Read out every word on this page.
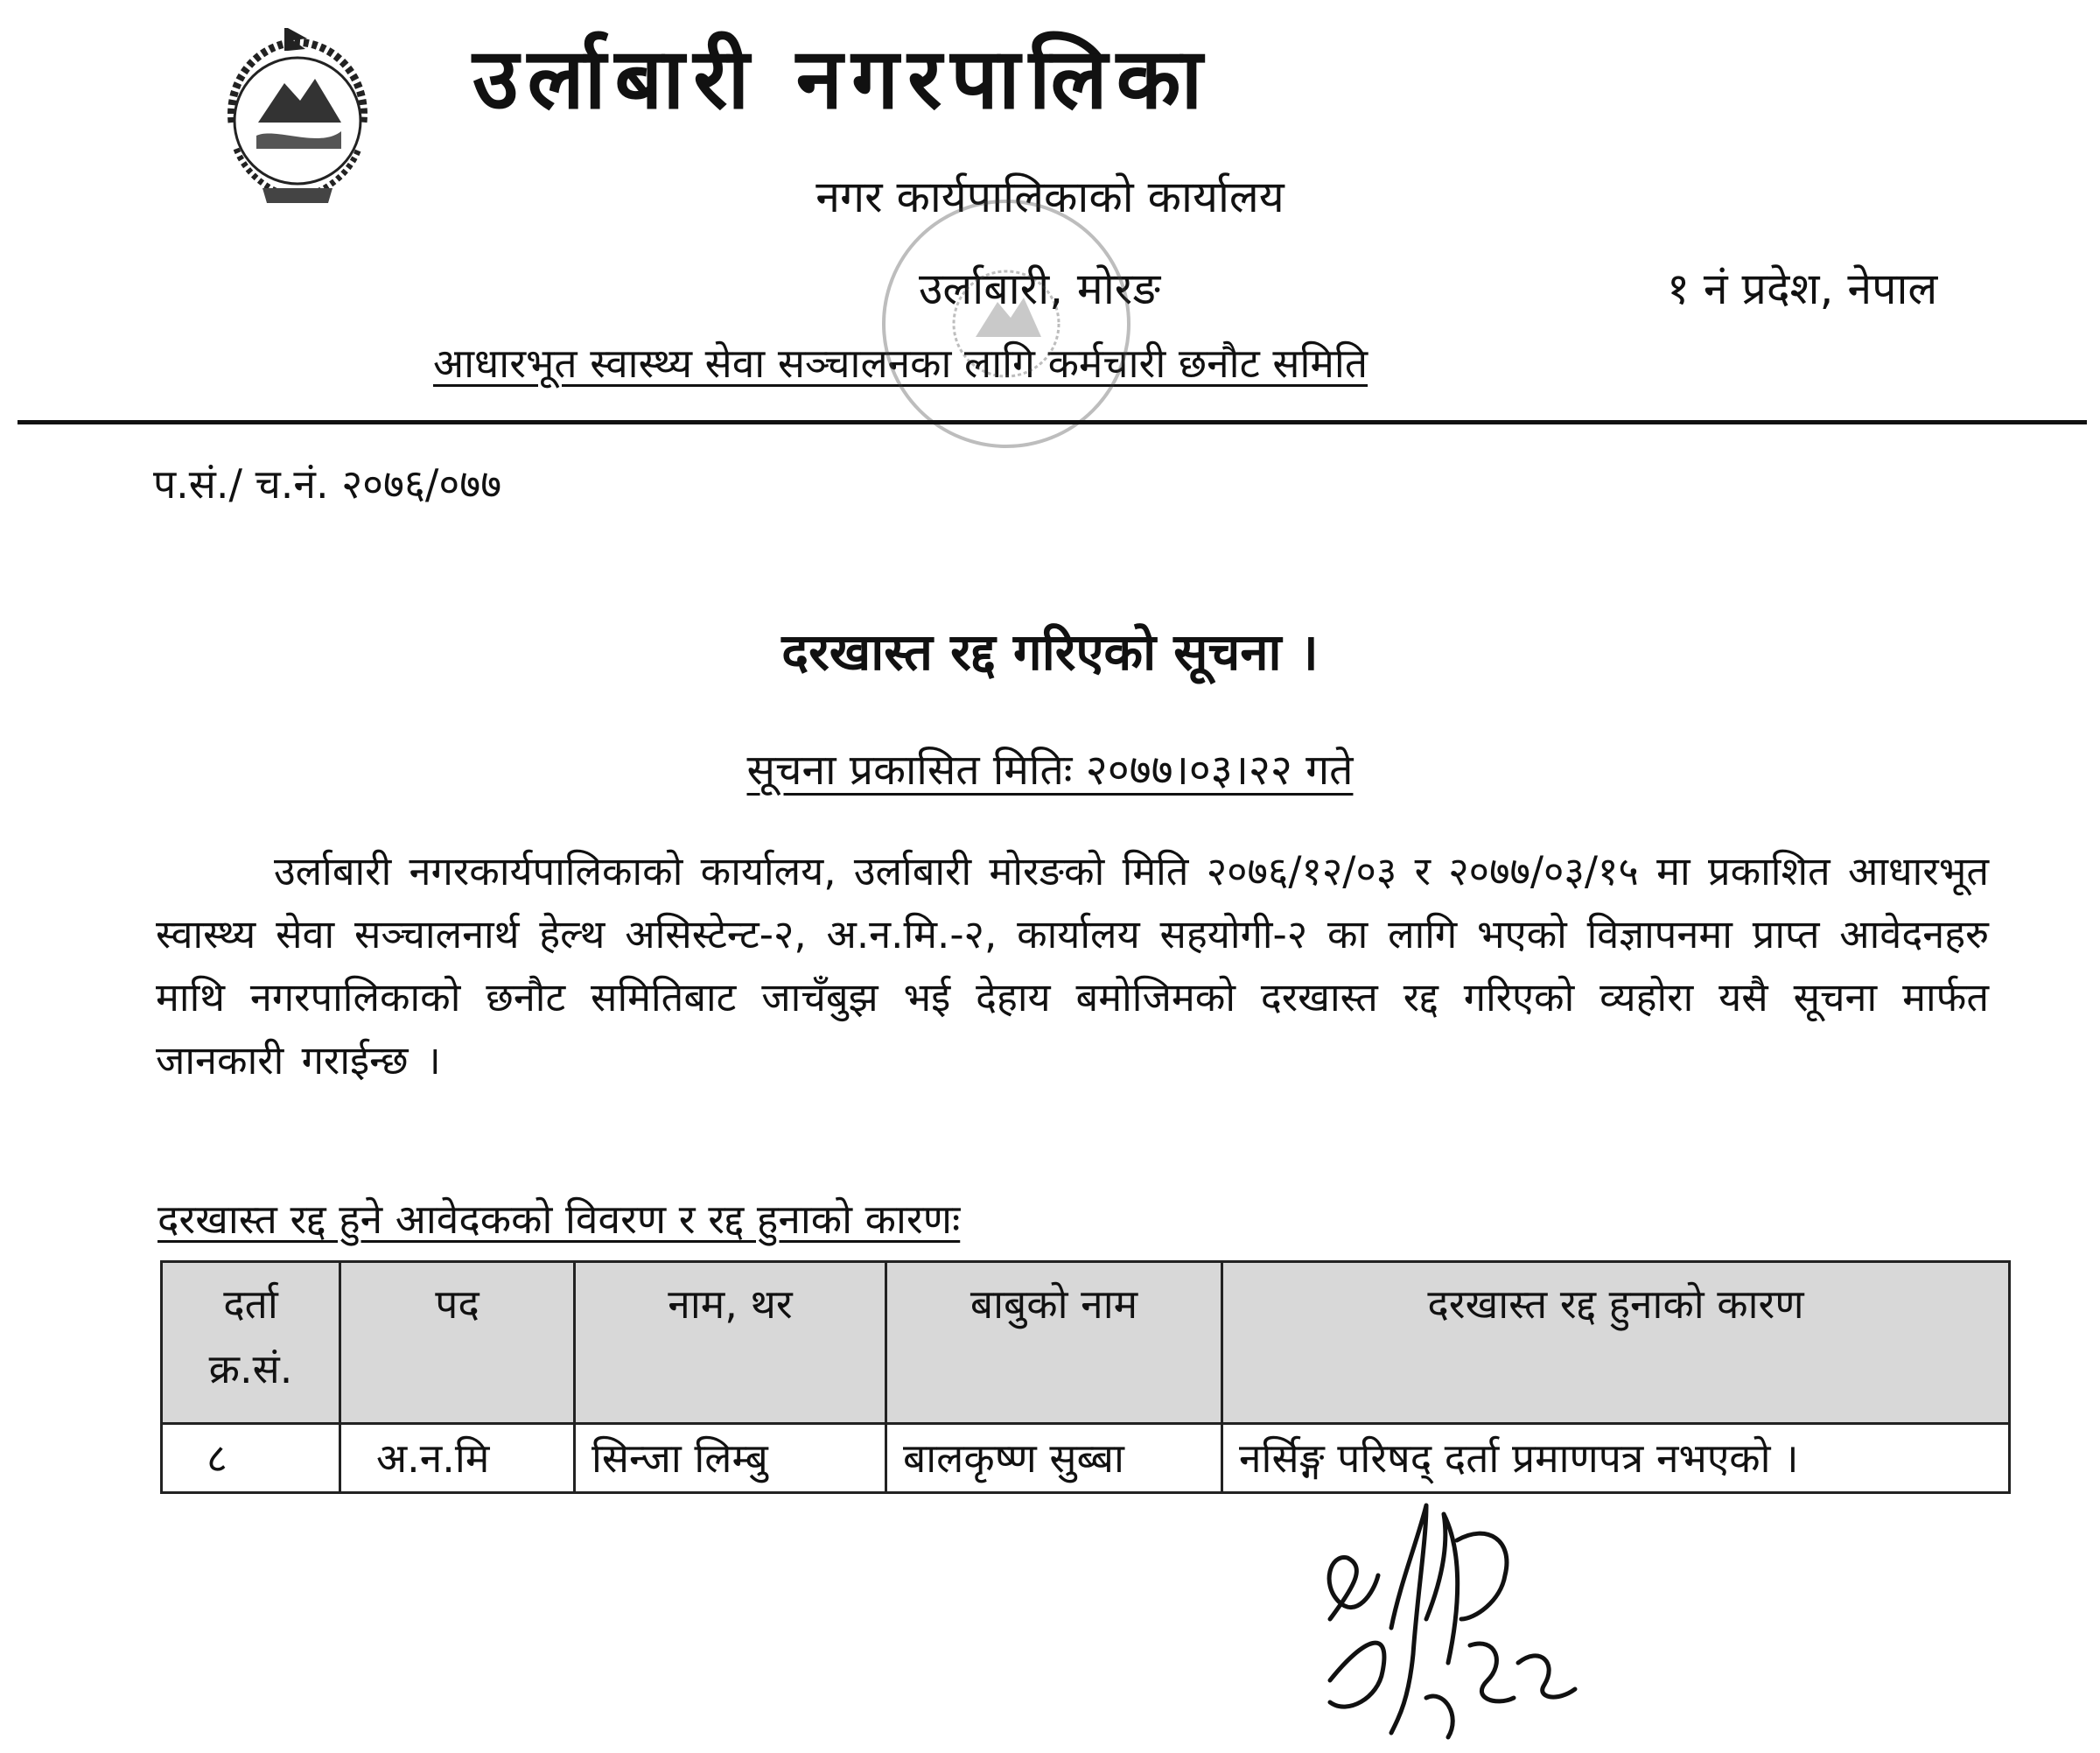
उर्लाबारी नगरपालिका
नगर कार्यपालिकाको कार्यालय
उर्लाबारी, मोरङ	१ नं प्रदेश, नेपाल
आधारभूत स्वास्थ्य सेवा सञ्चालनका लागि कर्मचारी छनौट समिति
प.सं./ च.नं. २०७६/०७७
दरखास्त रद्द गरिएको सूचना ।
सूचना प्रकासित मितिः २०७७।०३।२२ गते
उर्लाबारी नगरकार्यपालिकाको कार्यालय, उर्लाबारी मोरङको मिति २०७६/१२/०३ र २०७७/०३/१५ मा प्रकाशित आधारभूत स्वास्थ्य सेवा सञ्चालनार्थ हेल्थ असिस्टेन्ट-२, अ.न.मि.-२, कार्यालय सहयोगी-२ का लागि भएको विज्ञापनमा प्राप्त आवेदनहरु माथि नगरपालिकाको छनौट समितिबाट जाचँबुझ भई देहाय बमोजिमको दरखास्त रद्द गरिएको व्यहोरा यसै सूचना मार्फत जानकारी गराईन्छ ।
दरखास्त रद्द हुने आवेदकको विवरण र रद्द हुनाको कारणः
दर्ता
क्र.सं.	पद	नाम, थर	बाबुको नाम	दरखास्त रद्द हुनाको कारण
८	अ.न.मि	सिन्जा लिम्बु	बालकृष्ण सुब्बा	नर्सिङ्ग परिषद् दर्ता प्रमाणपत्र नभएको ।
